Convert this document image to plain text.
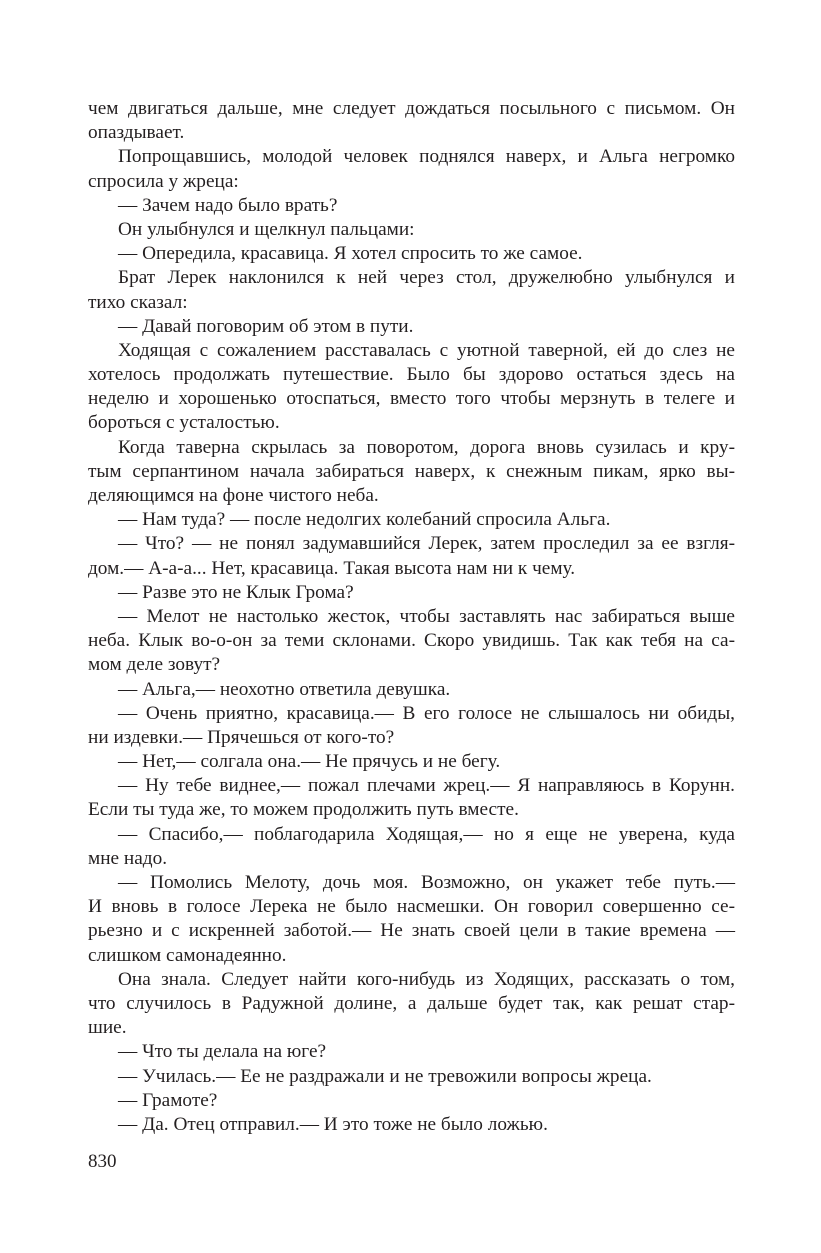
чем двигаться дальше, мне следует дождаться посыльного с письмом. Он
опаздывает.
Попрощавшись, молодой человек поднялся наверх, и Альга негромко
спросила у жреца:
— Зачем надо было врать?
Он улыбнулся и щелкнул пальцами:
— Опередила, красавица. Я хотел спросить то же самое.
Брат Лерек наклонился к ней через стол, дружелюбно улыбнулся и
тихо сказал:
— Давай поговорим об этом в пути.
Ходящая с сожалением расставалась с уютной таверной, ей до слез не
хотелось продолжать путешествие. Было бы здорово остаться здесь на
неделю и хорошенько отоспаться, вместо того чтобы мерзнуть в телеге и
бороться с усталостью.
Когда таверна скрылась за поворотом, дорога вновь сузилась и кру-
тым серпантином начала забираться наверх, к снежным пикам, ярко вы-
деляющимся на фоне чистого неба.
— Нам туда? — после недолгих колебаний спросила Альга.
— Что? — не понял задумавшийся Лерек, затем проследил за ее взгля-
дом.— А-а-а... Нет, красавица. Такая высота нам ни к чему.
— Разве это не Клык Грома?
— Мелот не настолько жесток, чтобы заставлять нас забираться выше
неба. Клык во-о-он за теми склонами. Скоро увидишь. Так как тебя на са-
мом деле зовут?
— Альга,— неохотно ответила девушка.
— Очень приятно, красавица.— В его голосе не слышалось ни обиды,
ни издевки.— Прячешься от кого-то?
— Нет,— солгала она.— Не прячусь и не бегу.
— Ну тебе виднее,— пожал плечами жрец.— Я направляюсь в Корунн.
Если ты туда же, то можем продолжить путь вместе.
— Спасибо,— поблагодарила Ходящая,— но я еще не уверена, куда
мне надо.
— Помолись Мелоту, дочь моя. Возможно, он укажет тебе путь.—
И вновь в голосе Лерека не было насмешки. Он говорил совершенно се-
рьезно и с искренней заботой.— Не знать своей цели в такие времена —
слишком самонадеянно.
Она знала. Следует найти кого-нибудь из Ходящих, рассказать о том,
что случилось в Радужной долине, а дальше будет так, как решат стар-
шие.
— Что ты делала на юге?
— Училась.— Ее не раздражали и не тревожили вопросы жреца.
— Грамоте?
— Да. Отец отправил.— И это тоже не было ложью.
830
